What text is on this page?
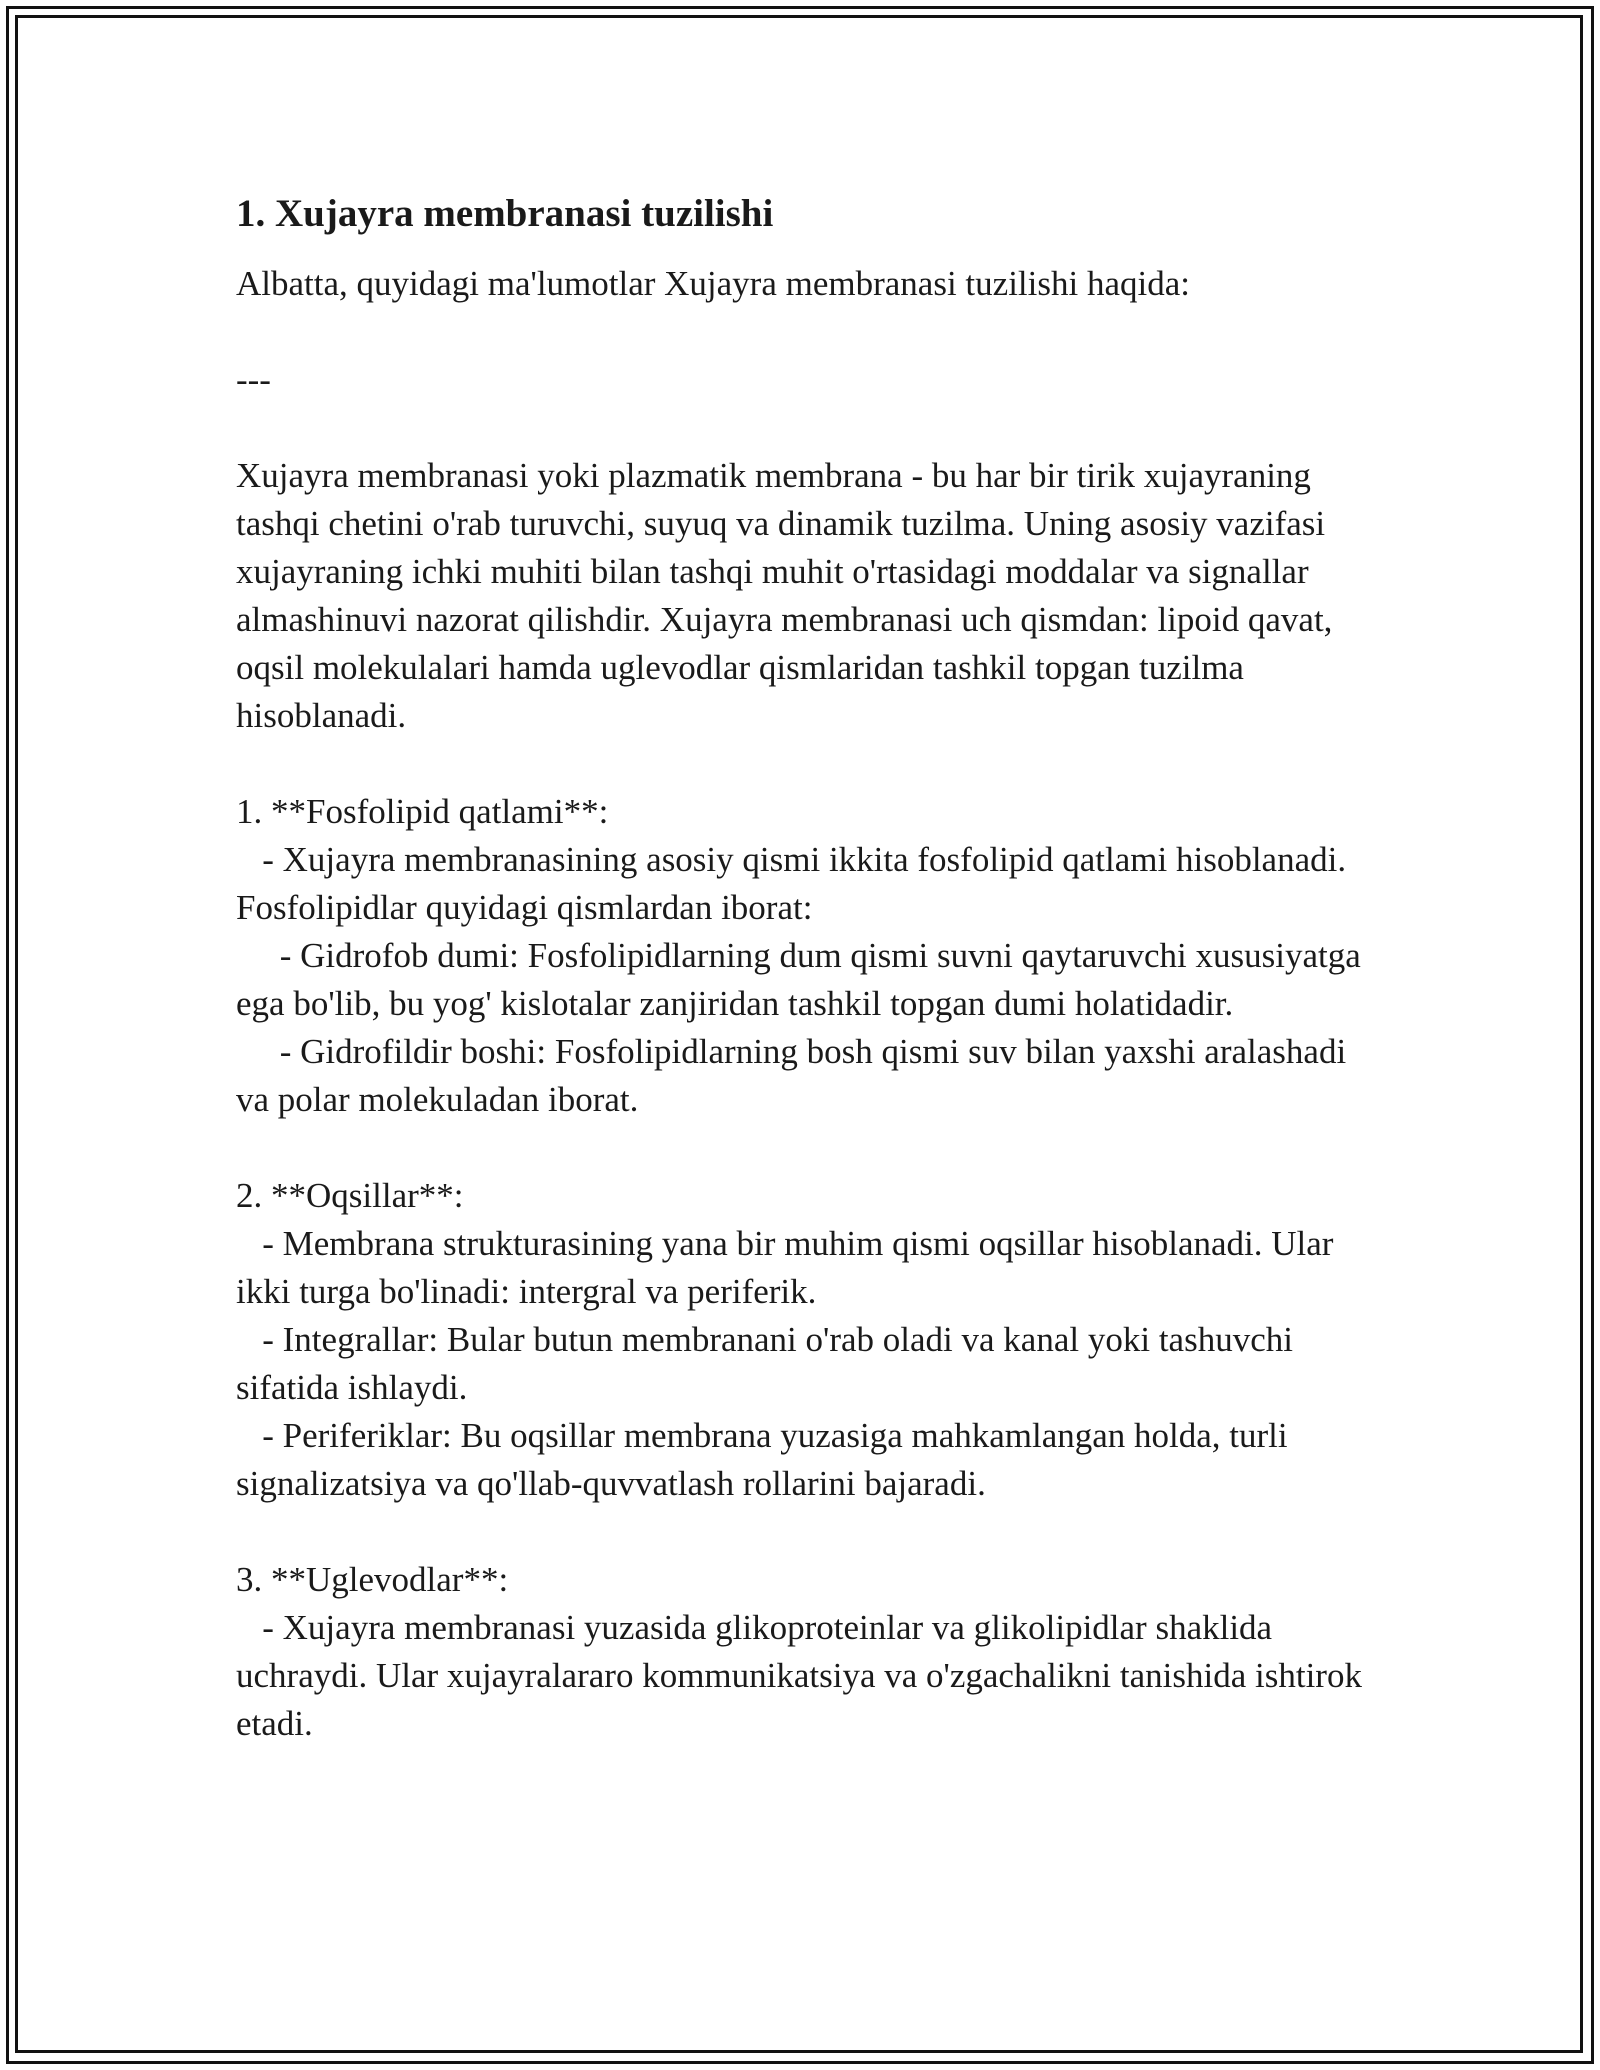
1. Xujayra membranasi tuzilishi

Albatta, quyidagi ma'lumotlar Xujayra membranasi tuzilishi haqida:

---

Xujayra membranasi yoki plazmatik membrana - bu har bir tirik xujayraning tashqi chetini o'rab turuvchi, suyuq va dinamik tuzilma. Uning asosiy vazifasi xujayraning ichki muhiti bilan tashqi muhit o'rtasidagi moddalar va signallar almashinuvi nazorat qilishdir. Xujayra membranasi uch qismdan: lipoid qavat, oqsil molekulalari hamda uglevodlar qismlaridan tashkil topgan tuzilma hisoblanadi.

1. **Fosfolipid qatlami**:

- Xujayra membranasining asosiy qismi ikkita fosfolipid qatlami hisoblanadi. Fosfolipidlar quyidagi qismlardan iborat:

- Gidrofob dumi: Fosfolipidlarning dum qismi suvni qaytaruvchi xususiyatga ega bo'lib, bu yog' kislotalar zanjiridan tashkil topgan dumi holatidadir.

- Gidrofildir boshi: Fosfolipidlarning bosh qismi suv bilan yaxshi aralashadi va polar molekuladan iborat.

2. **Oqsillar**:

- Membrana strukturasining yana bir muhim qismi oqsillar hisoblanadi. Ular ikki turga bo'linadi: intergral va periferik.

- Integrallar: Bular butun membranani o'rab oladi va kanal yoki tashuvchi sifatida ishlaydi.

- Periferiklar: Bu oqsillar membrana yuzasiga mahkamlangan holda, turli signalizatsiya va qo'llab-quvvatlash rollarini bajaradi.

3. **Uglevodlar**:

- Xujayra membranasi yuzasida glikoproteinlar va glikolipidlar shaklida uchraydi. Ular xujayralararo kommunikatsiya va o'zgachalikni tanishida ishtirok etadi.
